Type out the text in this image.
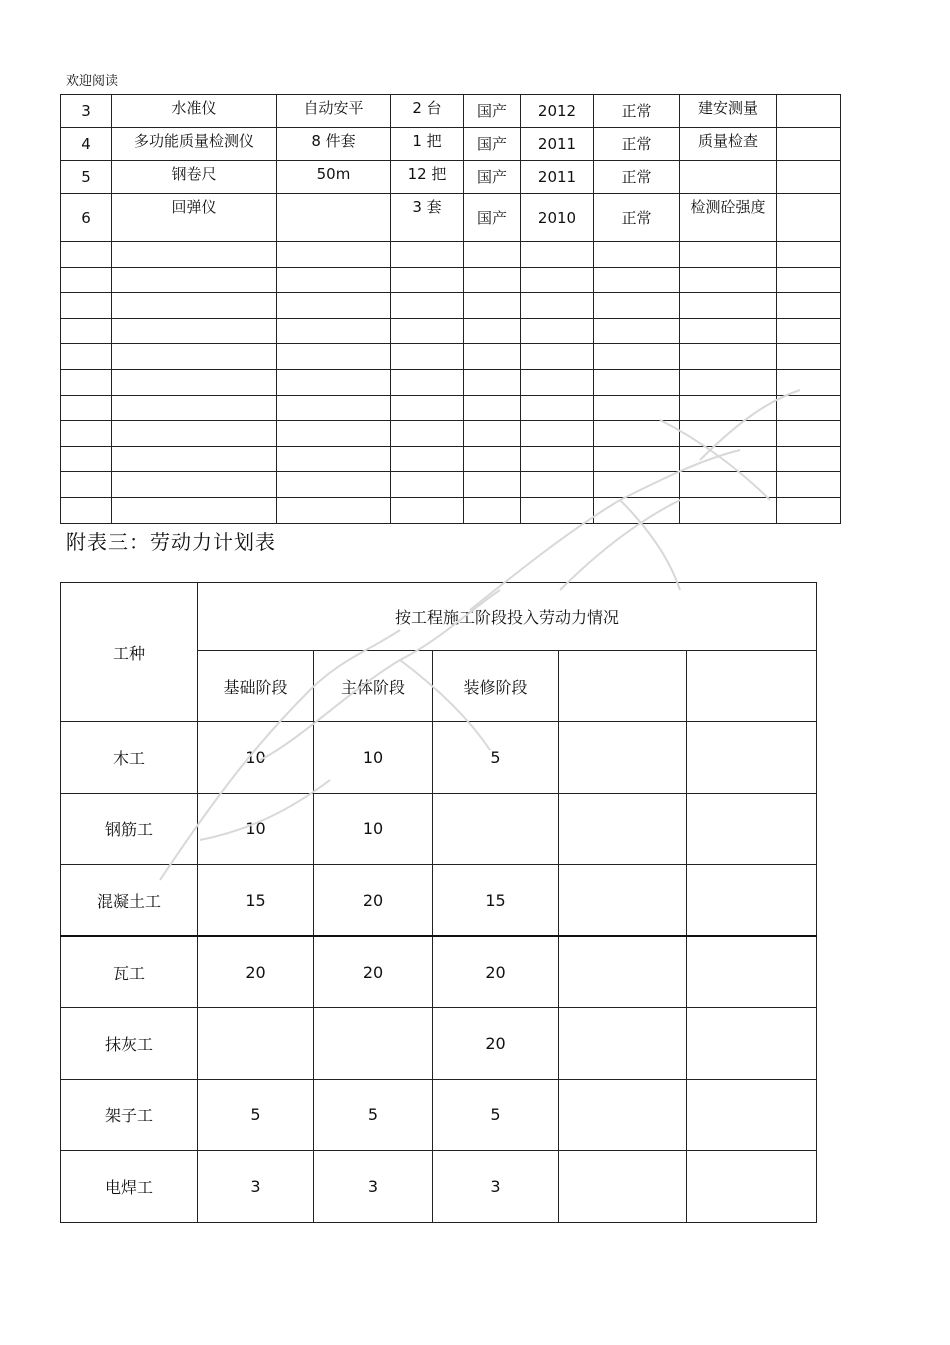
欢迎阅读
3	水准仪	自动安平	2 台	国产	2012	正常	建安测量	
4	多功能质量检测仪	8 件套	1 把	国产	2011	正常	质量检查	
5	钢卷尺	50m	12 把	国产	2011	正常		
6	回弹仪		3 套	国产	2010	正常	检测砼强度	

附表三：劳动力计划表
工种	按工程施工阶段投入劳动力情况				
	基础阶段	主体阶段	装修阶段		
木工	10	10	5		
钢筋工	10	10			
混凝土工	15	20	15		
瓦工	20	20	20		
抹灰工			20		
架子工	5	5	5		
电焊工	3	3	3		
